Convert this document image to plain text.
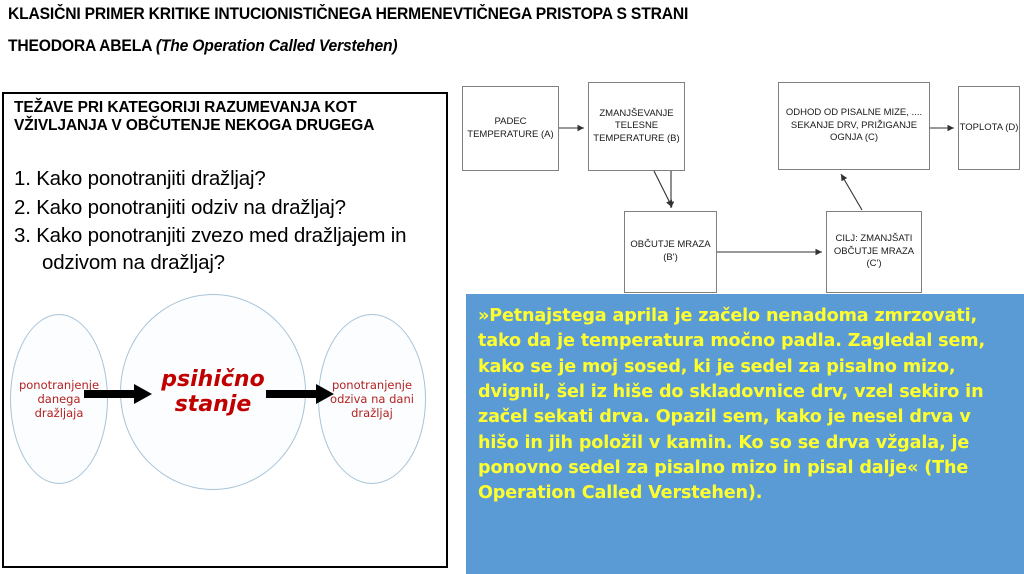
KLASIČNI PRIMER KRITIKE INTUCIONISTIČNEGA HERMENEVTIČNEGA PRISTOPA S STRANI
THEODORA ABELA (The Operation Called Verstehen)
TEŽAVE PRI KATEGORIJI RAZUMEVANJA KOT VŽIVLJANJA V OBČUTENJE NEKOGA DRUGEGA
1. Kako ponotranjiti dražljaj?
2. Kako ponotranjiti odziv na dražljaj?
3. Kako ponotranjiti zvezo med dražljajem in odzivom na dražljaj?
ponotranjenje danega dražljaja
psihično stanje
ponotranjenje odziva na dani dražljaj
PADEC TEMPERATURE (A)
ZMANJŠEVANJE TELESNE TEMPERATURE (B)
ODHOD OD PISALNE MIZE, .... SEKANJE DRV, PRIŽIGANJE OGNJA (C)
TOPLOTA (D)
OBČUTJE MRAZA (B')
CILJ: ZMANJŠATI OBČUTJE MRAZA (C')

»Petnajstega aprila je začelo nenadoma zmrzovati, tako da je temperatura močno padla. Zagledal sem, kako se je moj sosed, ki je sedel za pisalno mizo, dvignil, šel iz hiše do skladovnice drv, vzel sekiro in začel sekati drva. Opazil sem, kako je nesel drva v hišo in jih položil v kamin. Ko so se drva vžgala, je ponovno sedel za pisalno mizo in pisal dalje« (The Operation Called Verstehen).
